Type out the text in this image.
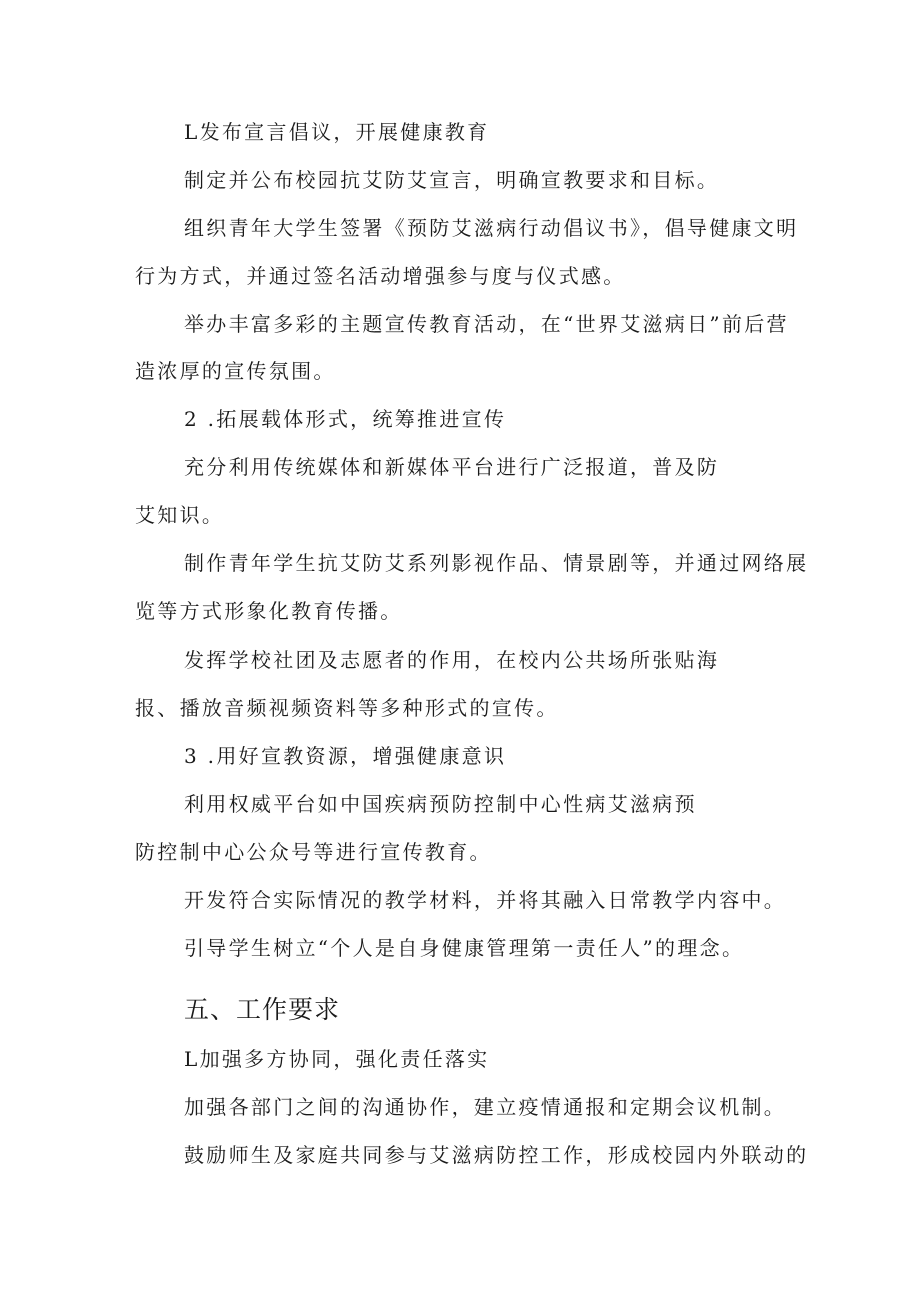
L发布宣言倡议，开展健康教育
制定并公布校园抗艾防艾宣言，明确宣教要求和目标。
组织青年大学生签署《预防艾滋病行动倡议书》，倡导健康文明
行为方式，并通过签名活动增强参与度与仪式感。
举办丰富多彩的主题宣传教育活动，在“世界艾滋病日”前后营
造浓厚的宣传氛围。
2 .拓展载体形式，统筹推进宣传
充分利用传统媒体和新媒体平台进行广泛报道，普及防
艾知识。
制作青年学生抗艾防艾系列影视作品、情景剧等，并通过网络展
览等方式形象化教育传播。
发挥学校社团及志愿者的作用，在校内公共场所张贴海
报、播放音频视频资料等多种形式的宣传。
3 .用好宣教资源，增强健康意识
利用权威平台如中国疾病预防控制中心性病艾滋病预
防控制中心公众号等进行宣传教育。
开发符合实际情况的教学材料，并将其融入日常教学内容中。
引导学生树立“个人是自身健康管理第一责任人”的理念。
五、工作要求
L加强多方协同，强化责任落实
加强各部门之间的沟通协作，建立疫情通报和定期会议机制。
鼓励师生及家庭共同参与艾滋病防控工作，形成校园内外联动的
